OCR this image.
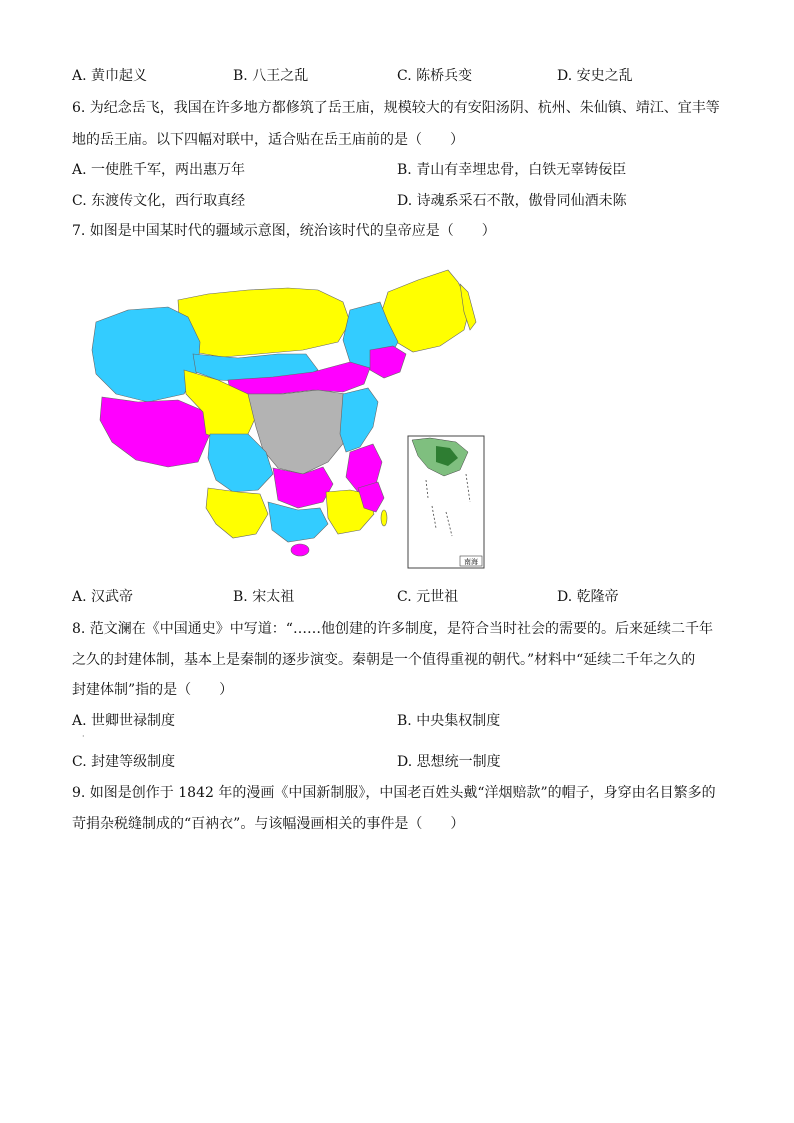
A. 黄巾起义	B. 八王之乱	C. 陈桥兵变	D. 安史之乱
6. 为纪念岳飞，我国在许多地方都修筑了岳王庙，规模较大的有安阳汤阴、杭州、朱仙镇、靖江、宜丰等
地的岳王庙。以下四幅对联中，适合贴在岳王庙前的是（　　）
A. 一使胜千军，两出惠万年	B. 青山有幸埋忠骨，白铁无辜铸佞臣
C. 东渡传文化，西行取真经	D. 诗魂系采石不散，傲骨同仙酒未陈
7. 如图是中国某时代的疆域示意图，统治该时代的皇帝应是（　　）
南海
A. 汉武帝	B. 宋太祖	C. 元世祖	D. 乾隆帝
8. 范文澜在《中国通史》中写道：“……他创建的许多制度，是符合当时社会的需要的。后来延续二千年
之久的封建体制，基本上是秦制的逐步演变。秦朝是一个值得重视的朝代。”材料中“延续二千年之久的
封建体制”指的是（　　）
A. 世卿世禄制度	B. 中央集权制度
·
C. 封建等级制度	D. 思想统一制度
9. 如图是创作于 1842 年的漫画《中国新制服》，中国老百姓头戴“洋烟赔款”的帽子，身穿由名目繁多的
苛捐杂税缝制成的“百衲衣”。与该幅漫画相关的事件是（　　）
